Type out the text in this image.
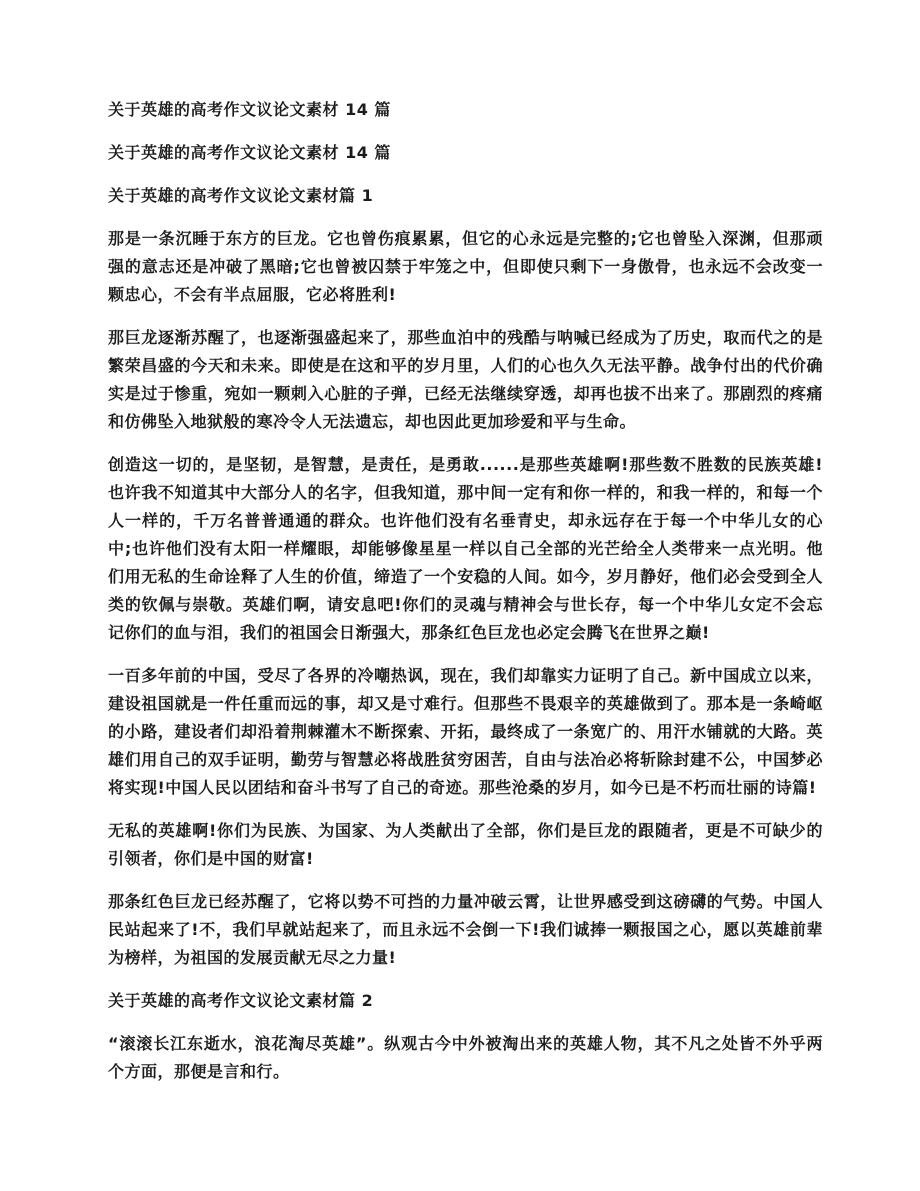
关于英雄的高考作文议论文素材 14 篇

关于英雄的高考作文议论文素材 14 篇

关于英雄的高考作文议论文素材篇 1

那是一条沉睡于东方的巨龙。它也曾伤痕累累，但它的心永远是完整的;它也曾坠入深渊，但那顽强的意志还是冲破了黑暗;它也曾被囚禁于牢笼之中，但即使只剩下一身傲骨，也永远不会改变一颗忠心，不会有半点屈服，它必将胜利!

那巨龙逐渐苏醒了，也逐渐强盛起来了，那些血泊中的残酷与呐喊已经成为了历史，取而代之的是繁荣昌盛的今天和未来。即使是在这和平的岁月里，人们的心也久久无法平静。战争付出的代价确实是过于惨重，宛如一颗刺入心脏的子弹，已经无法继续穿透，却再也拔不出来了。那剧烈的疼痛和仿佛坠入地狱般的寒冷令人无法遗忘，却也因此更加珍爱和平与生命。

创造这一切的，是坚韧，是智慧，是责任，是勇敢......是那些英雄啊!那些数不胜数的民族英雄!也许我不知道其中大部分人的名字，但我知道，那中间一定有和你一样的，和我一样的，和每一个人一样的，千万名普普通通的群众。也许他们没有名垂青史，却永远存在于每一个中华儿女的心中;也许他们没有太阳一样耀眼，却能够像星星一样以自己全部的光芒给全人类带来一点光明。他们用无私的生命诠释了人生的价值，缔造了一个安稳的人间。如今，岁月静好，他们必会受到全人类的钦佩与崇敬。英雄们啊，请安息吧!你们的灵魂与精神会与世长存，每一个中华儿女定不会忘记你们的血与泪，我们的祖国会日渐强大，那条红色巨龙也必定会腾飞在世界之巅!

一百多年前的中国，受尽了各界的冷嘲热讽，现在，我们却靠实力证明了自己。新中国成立以来，建设祖国就是一件任重而远的事，却又是寸难行。但那些不畏艰辛的英雄做到了。那本是一条崎岖的小路，建设者们却沿着荆棘灌木不断探索、开拓，最终成了一条宽广的、用汗水铺就的大路。英雄们用自己的双手证明，勤劳与智慧必将战胜贫穷困苦，自由与法冶必将斩除封建不公，中国梦必将实现!中国人民以团结和奋斗书写了自己的奇迹。那些沧桑的岁月，如今已是不朽而壮丽的诗篇!

无私的英雄啊!你们为民族、为国家、为人类献出了全部，你们是巨龙的跟随者，更是不可缺少的引领者，你们是中国的财富!

那条红色巨龙已经苏醒了，它将以势不可挡的力量冲破云霄，让世界感受到这磅礴的气势。中国人民站起来了!不，我们早就站起来了，而且永远不会倒一下!我们诚捧一颗报国之心，愿以英雄前辈为榜样，为祖国的发展贡献无尽之力量!

关于英雄的高考作文议论文素材篇 2

“滚滚长江东逝水，浪花淘尽英雄”。纵观古今中外被淘出来的英雄人物，其不凡之处皆不外乎两个方面，那便是言和行。
